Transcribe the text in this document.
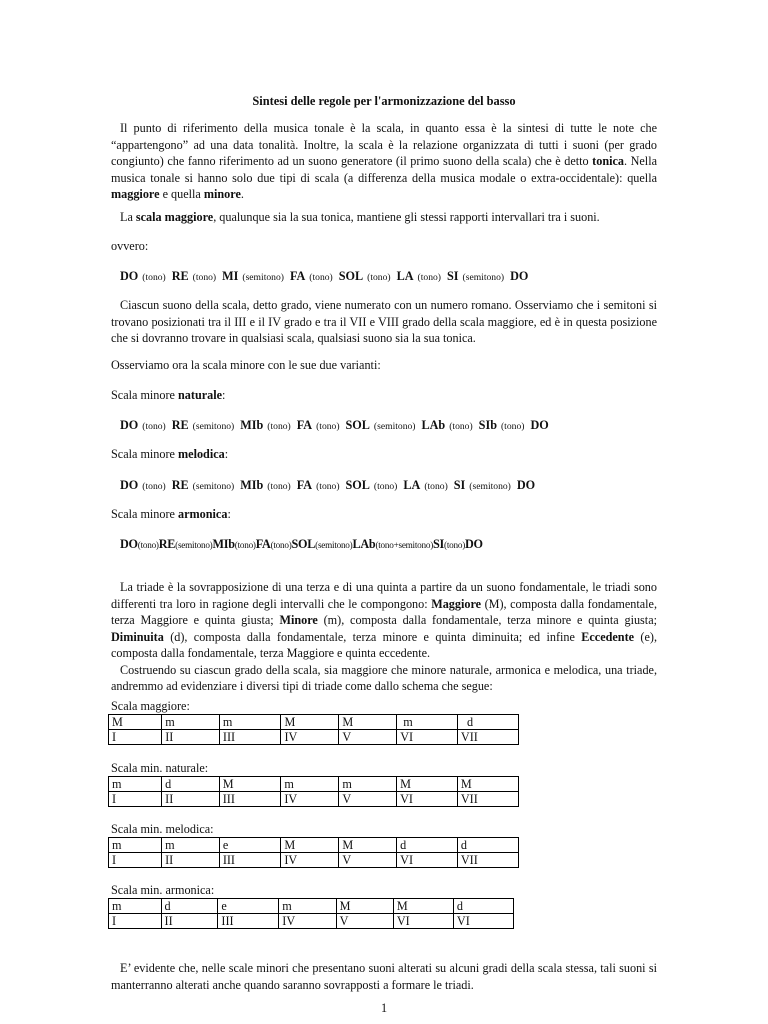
Sintesi delle regole per l'armonizzazione del basso

Il punto di riferimento della musica tonale è la scala, in quanto essa è la sintesi di tutte le note che “appartengono” ad una data tonalità. Inoltre, la scala è la relazione organizzata di tutti i suoni (per grado congiunto) che fanno riferimento ad un suono generatore (il primo suono della scala) che è detto tonica. Nella musica tonale si hanno solo due tipi di scala (a differenza della musica modale o extra-occidentale): quella maggiore e quella minore.

La scala maggiore, qualunque sia la sua tonica, mantiene gli stessi rapporti intervallari tra i suoni.

ovvero:
DO (tono) RE (tono) MI (semitono) FA (tono) SOL (tono) LA (tono) SI (semitono) DO

Ciascun suono della scala, detto grado, viene numerato con un numero romano. Osserviamo che i semitoni si trovano posizionati tra il III e il IV grado e tra il VII e VIII grado della scala maggiore, ed è in questa posizione che si dovranno trovare in qualsiasi scala, qualsiasi suono sia la sua tonica.

Osserviamo ora la scala minore con le sue due varianti:
Scala minore naturale:
DO (tono) RE (semitono) MIb (tono) FA (tono) SOL (semitono) LAb (tono) SIb (tono) DO
Scala minore melodica:
DO (tono) RE (semitono) MIb (tono) FA (tono) SOL (tono) LA (tono) SI (semitono) DO
Scala minore armonica:
DO(tono)RE(semitono)MIb(tono)FA(tono)SOL(semitono)LAb(tono+semitono)SI(tono)DO

La triade è la sovrapposizione di una terza e di una quinta a partire da un suono fondamentale, le triadi sono differenti tra loro in ragione degli intervalli che le compongono: Maggiore (M), composta dalla fondamentale, terza Maggiore e quinta giusta; Minore (m), composta dalla fondamentale, terza minore e quinta giusta; Diminuita (d), composta dalla fondamentale, terza minore e quinta diminuita; ed infine Eccedente (e), composta dalla fondamentale, terza Maggiore e quinta eccedente.

Costruendo su ciascun grado della scala, sia maggiore che minore naturale, armonica e melodica, una triade, andremmo ad evidenziare i diversi tipi di triade come dallo schema che segue:

Scala maggiore:
M	m	m	M	M	m	d
I	II	III	IV	V	VI	VII
Scala min. naturale:
m	d	M	m	m	M	M
I	II	III	IV	V	VI	VII
Scala min. melodica:
m	m	e	M	M	d	d
I	II	III	IV	V	VI	VII
Scala min. armonica:
m	d	e	m	M	M	d
I	II	III	IV	V	VI	VI

E’ evidente che, nelle scale minori che presentano suoni alterati su alcuni gradi della scala stessa, tali suoni si manterranno alterati anche quando saranno sovrapposti a formare le triadi.

1
